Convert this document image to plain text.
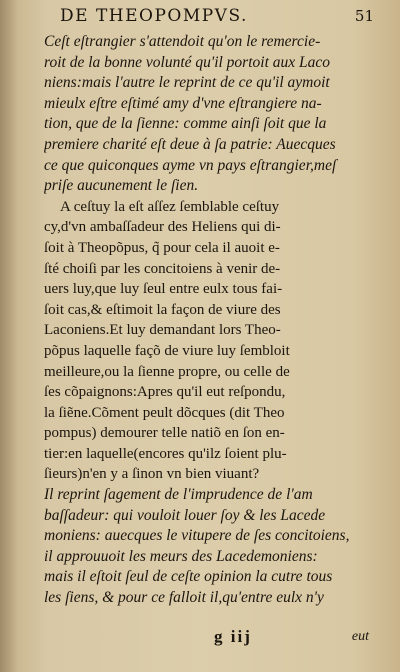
DE THEOPOMPVS.	51
Ceſt eſtrangier s'attendoit qu'on le remercie-
roit de la bonne volunté qu'il portoit aux Laco
niens:mais l'autre le reprint de ce qu'il aymoit
mieulx eſtre eſtimé amy d'vne eſtrangiere na-
tion, que de la ſienne: comme ainſi ſoit que la
premiere charité eſt deue à ſa patrie: Auecques
ce que quiconques ayme vn pays eſtrangier,meſ
priſe aucunement le ſien.
A ceſtuy la eſt aſſez ſemblable ceſtuy
cy,d'vn ambaſſadeur des Heliens qui di-
ſoit à Theopõpus, q̃ pour cela il auoit e-
ſté choiſi par les concitoiens à venir de-
uers luy,que luy ſeul entre eulx tous fai-
ſoit cas,& eſtimoit la façon de viure des
Laconiens.Et luy demandant lors Theo-
põpus laquelle façõ de viure luy ſembloit
meilleure,ou la ſienne propre, ou celle de
ſes cõpaignons:Apres qu'il eut reſpondu,
la ſiẽne.Cõment peult dõcques (dit Theo
pompus) demourer telle natiõ en ſon en-
tier:en laquelle(encores qu'ilz ſoient plu-
ſieurs)n'en y a ſinon vn bien viuant?
Il reprint ſagement de l'imprudence de l'am
baſſadeur: qui vouloit louer ſoy & les Lacede
moniens: auecques le vitupere de ſes concitoiens,
il approuuoit les meurs des Lacedemoniens:
mais il eſtoit ſeul de ceſte opinion la cutre tous
les ſiens, & pour ce falloit il,qu'entre eulx n'y
g iij	eut
